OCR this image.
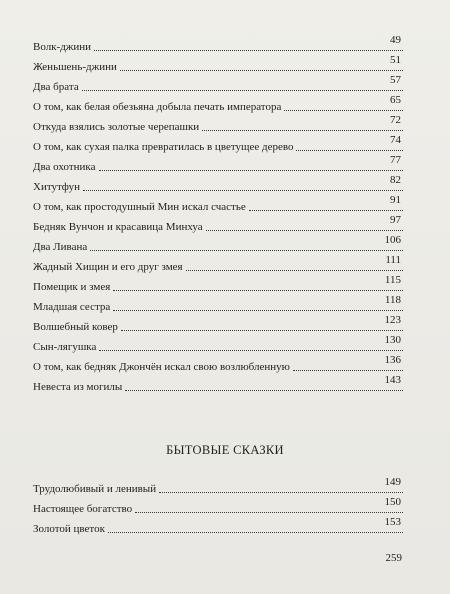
Волк-джини
49
Женьшень-джини
51
Два брата
57
О том, как белая обезьяна добыла печать императора
65
Откуда взялись золотые черепашки
72
О том, как сухая палка превратилась в цветущее дерево
74
Два охотника
77
Хитутфун
82
О том, как простодушный Мин искал счастье
91
Бедняк Вунчон и красавица Минхуа
97
Два Ливана
106
Жадный Хищин и его друг змея
111
Помещик и змея
115
Младшая сестра
118
Волшебный ковер
123
Сын-лягушка
130
О том, как бедняк Джончён искал свою возлюбленную
136
Невеста из могилы
143
БЫТОВЫЕ СКАЗКИ
Трудолюбивый и ленивый
149
Настоящее богатство
150
Золотой цветок
153
259
